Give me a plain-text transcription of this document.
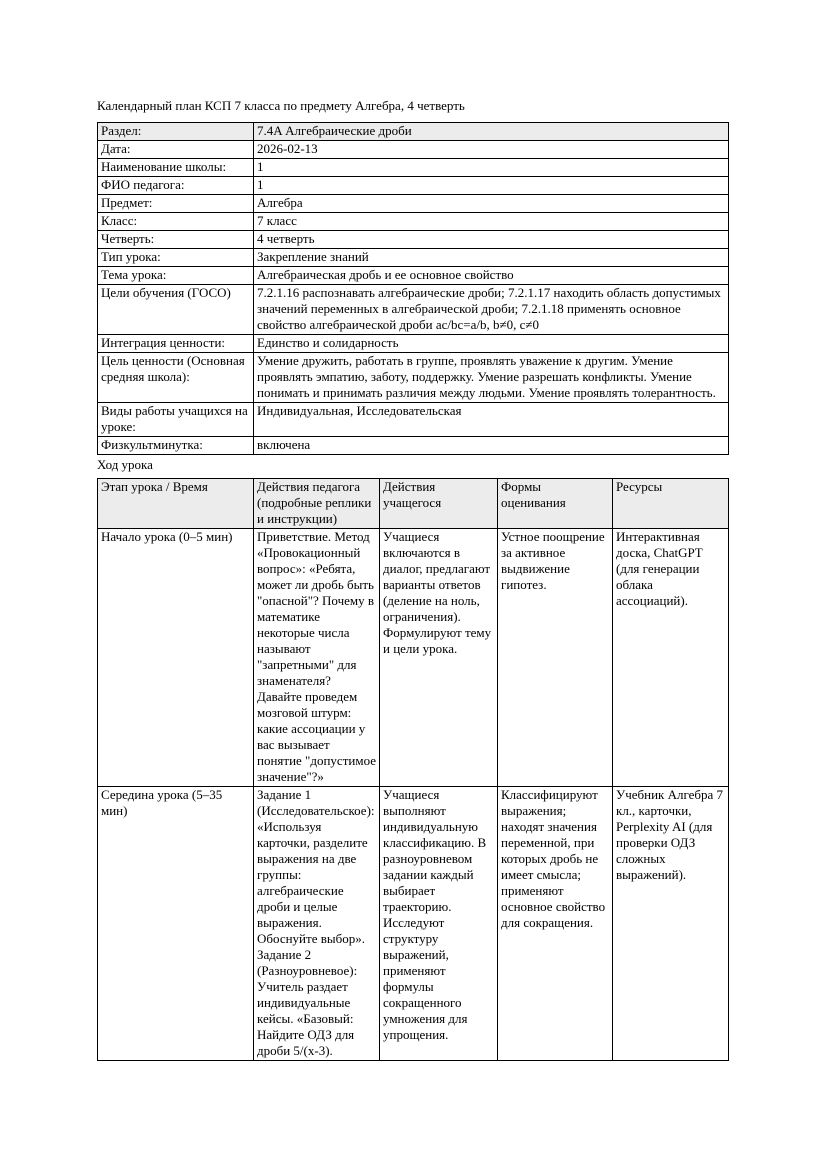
Календарный план КСП 7 класса по предмету Алгебра, 4 четверть

Раздел:	7.4A Алгебраические дроби
Дата:	2026-02-13
Наименование школы:	1
ФИО педагога:	1
Предмет:	Алгебра
Класс:	7 класс
Четверть:	4 четверть
Тип урока:	Закрепление знаний
Тема урока:	Алгебраическая дробь и ее основное свойство
Цели обучения (ГОСО)	7.2.1.16 распознавать алгебраические дроби; 7.2.1.17 находить область допустимых значений переменных в алгебраической дроби; 7.2.1.18 применять основное свойство алгебраической дроби ac/bc=a/b, b≠0, c≠0
Интеграция ценности:	Единство и солидарность
Цель ценности (Основная средняя школа):	Умение дружить, работать в группе, проявлять уважение к другим. Умение проявлять эмпатию, заботу, поддержку. Умение разрешать конфликты. Умение понимать и принимать различия между людьми. Умение проявлять толерантность.
Виды работы учащихся на уроке:	Индивидуальная, Исследовательская
Физкультминутка:	включена

Ход урока

Этап урока / Время	Действия педагога (подробные реплики и инструкции)	Действия учащегося	Формы оценивания	Ресурсы
Начало урока (0–5 мин)	Приветствие. Метод «Провокационный вопрос»: «Ребята, может ли дробь быть "опасной"? Почему в математике некоторые числа называют "запретными" для знаменателя? Давайте проведем мозговой штурм: какие ассоциации у вас вызывает понятие "допустимое значение"?»	Учащиеся включаются в диалог, предлагают варианты ответов (деление на ноль, ограничения). Формулируют тему и цели урока.	Устное поощрение за активное выдвижение гипотез.	Интерактивная доска, ChatGPT (для генерации облака ассоциаций).
Середина урока (5–35 мин)	Задание 1 (Исследовательское): «Используя карточки, разделите выражения на две группы: алгебраические дроби и целые выражения. Обоснуйте выбор». Задание 2 (Разноуровневое): Учитель раздает индивидуальные кейсы. «Базовый: Найдите ОДЗ для дроби 5/(x-3).	Учащиеся выполняют индивидуальную классификацию. В разноуровневом задании каждый выбирает траекторию. Исследуют структуру выражений, применяют формулы сокращенного умножения для упрощения.	Классифицируют выражения; находят значения переменной, при которых дробь не имеет смысла; применяют основное свойство для сокращения.	Учебник Алгебра 7 кл., карточки, Perplexity AI (для проверки ОДЗ сложных выражений).
